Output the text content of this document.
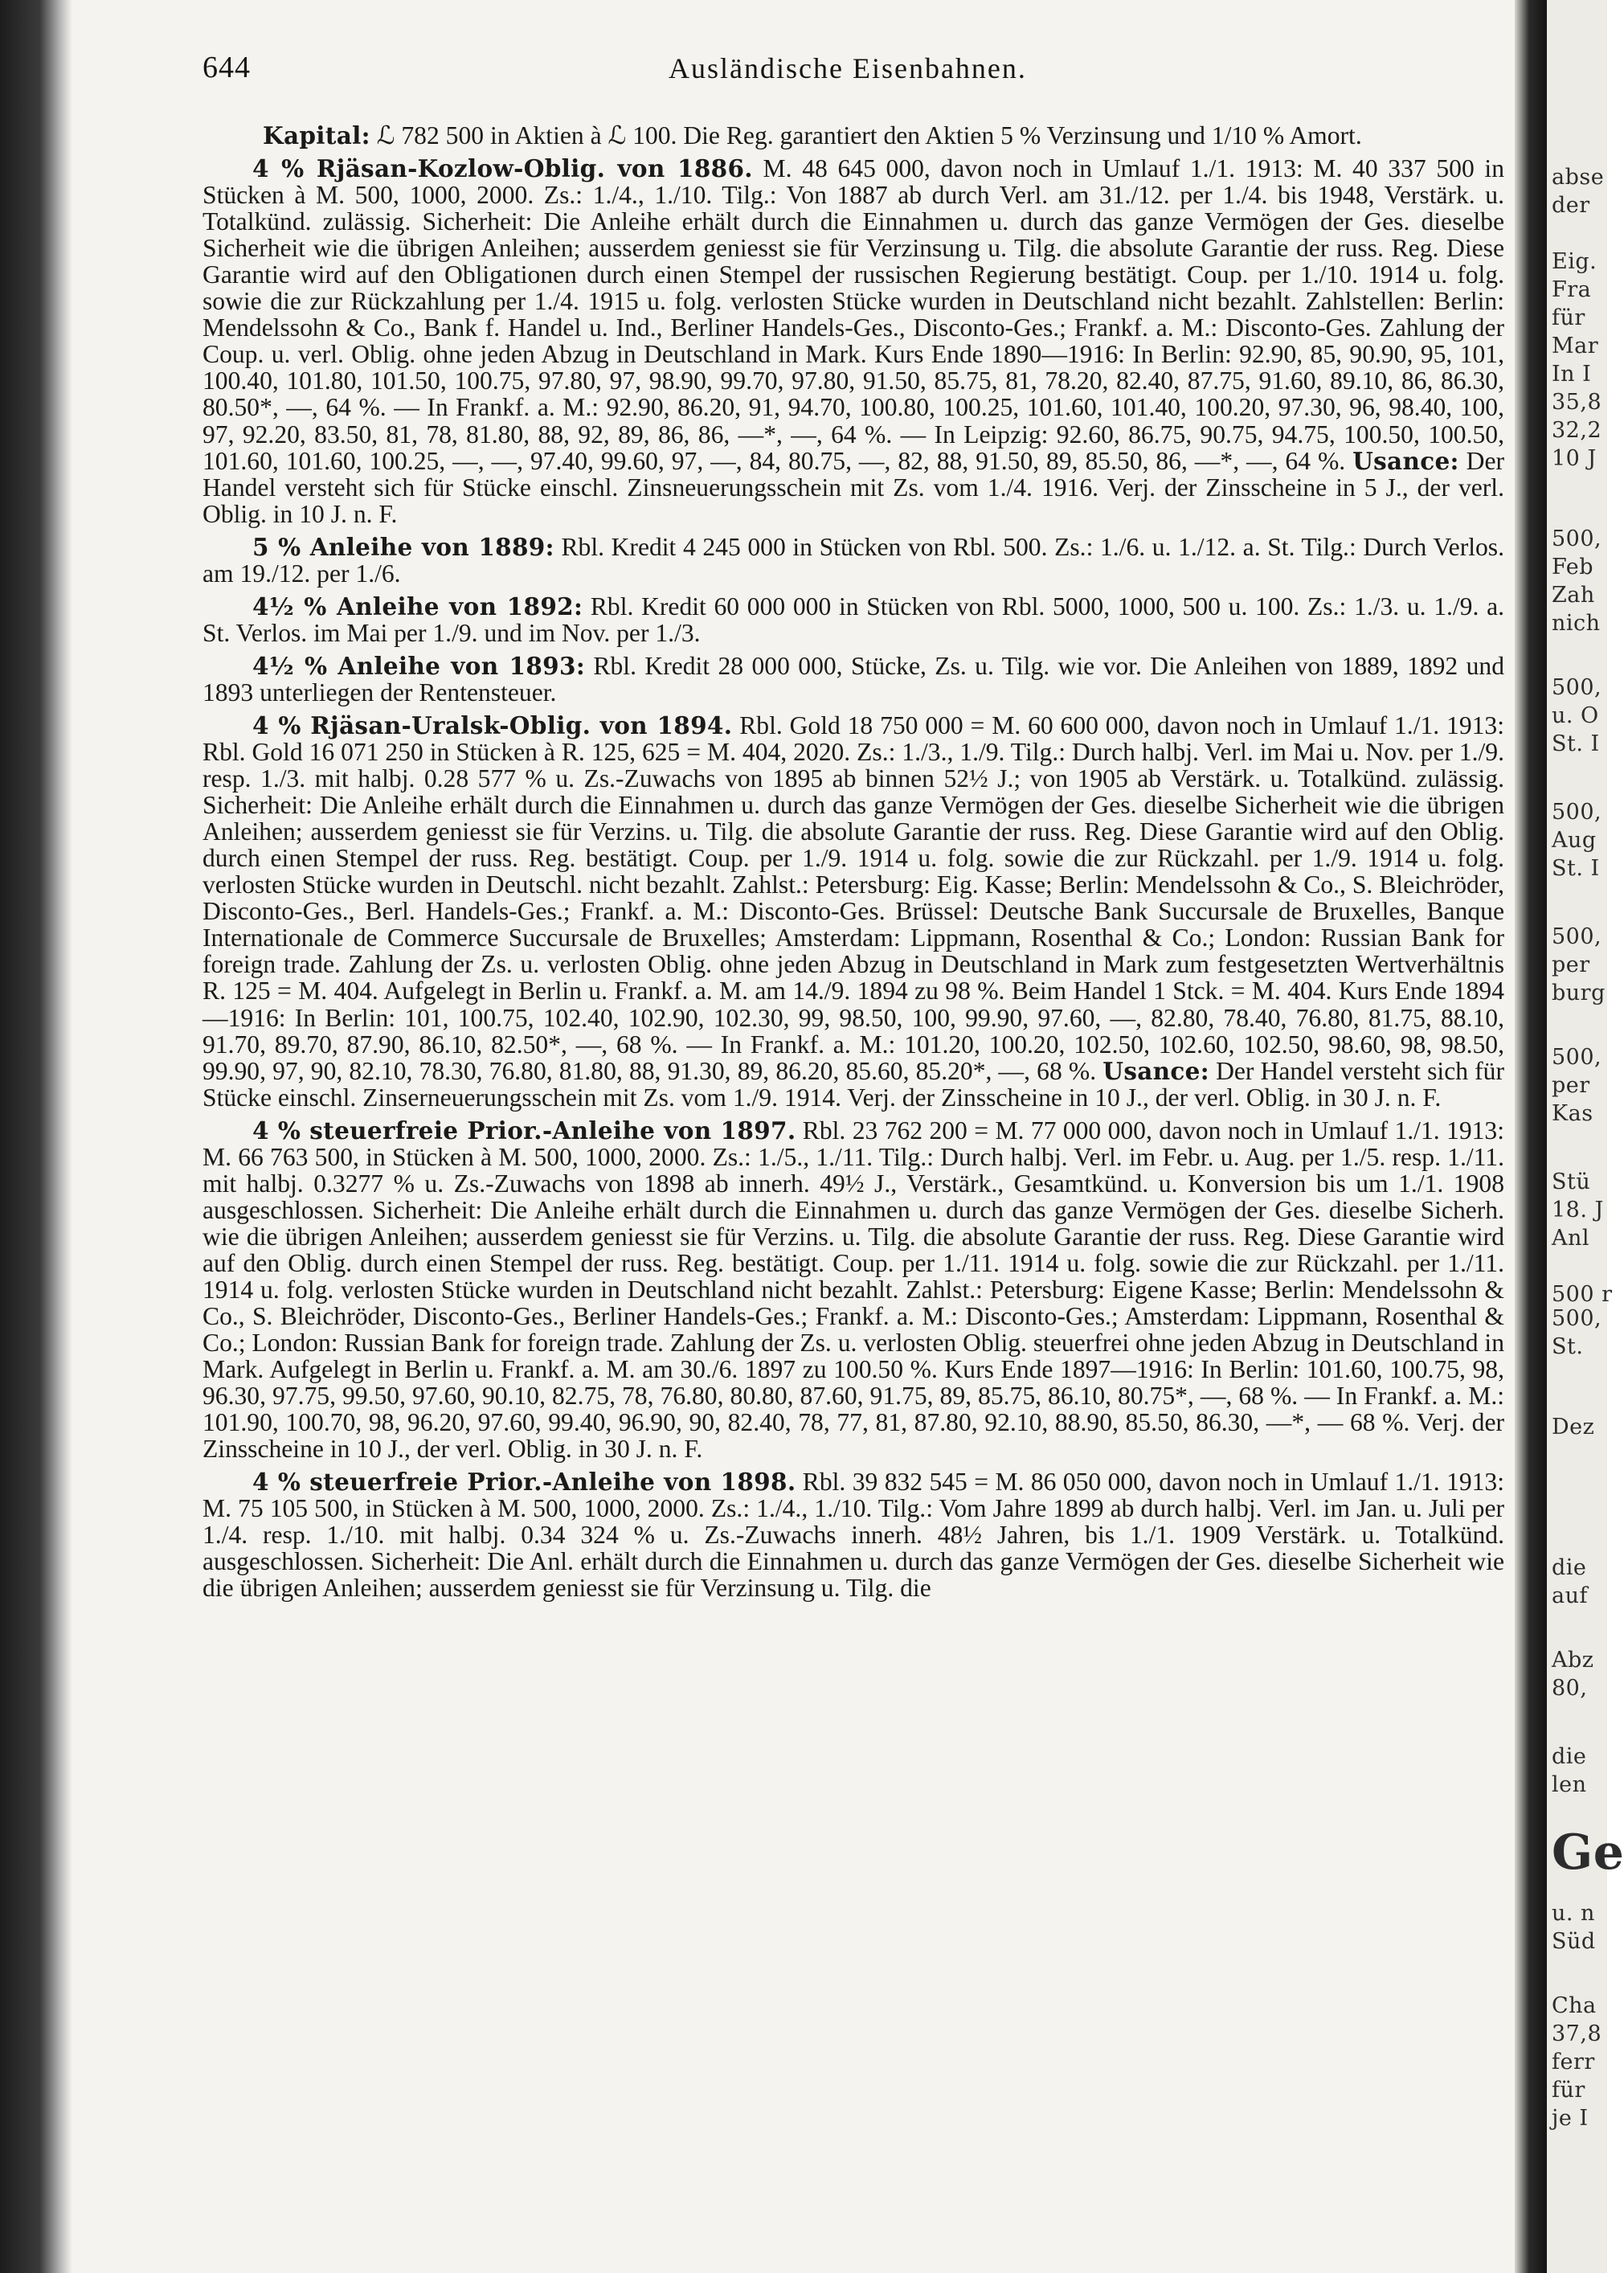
644	Ausländische Eisenbahnen.

Kapital: ℒ 782 500 in Aktien à ℒ 100. Die Reg. garantiert den Aktien 5 % Verzinsung und 1/10 % Amort.

4 % Rjäsan-Kozlow-Oblig. von 1886. M. 48 645 000, davon noch in Umlauf 1./1. 1913: M. 40 337 500 in Stücken à M. 500, 1000, 2000. Zs.: 1./4., 1./10. Tilg.: Von 1887 ab durch Verl. am 31./12. per 1./4. bis 1948, Verstärk. u. Totalkünd. zulässig. Sicherheit: Die Anleihe erhält durch die Einnahmen u. durch das ganze Vermögen der Ges. dieselbe Sicherheit wie die übrigen Anleihen; ausserdem geniesst sie für Verzinsung u. Tilg. die absolute Garantie der russ. Reg. Diese Garantie wird auf den Obligationen durch einen Stempel der russischen Regierung bestätigt. Coup. per 1./10. 1914 u. folg. sowie die zur Rückzahlung per 1./4. 1915 u. folg. verlosten Stücke wurden in Deutschland nicht bezahlt. Zahlstellen: Berlin: Mendelssohn & Co., Bank f. Handel u. Ind., Berliner Handels-Ges., Disconto-Ges.; Frankf. a. M.: Disconto-Ges. Zahlung der Coup. u. verl. Oblig. ohne jeden Abzug in Deutschland in Mark. Kurs Ende 1890—1916: In Berlin: 92.90, 85, 90.90, 95, 101, 100.40, 101.80, 101.50, 100.75, 97.80, 97, 98.90, 99.70, 97.80, 91.50, 85.75, 81, 78.20, 82.40, 87.75, 91.60, 89.10, 86, 86.30, 80.50*, —, 64 %. — In Frankf. a. M.: 92.90, 86.20, 91, 94.70, 100.80, 100.25, 101.60, 101.40, 100.20, 97.30, 96, 98.40, 100, 97, 92.20, 83.50, 81, 78, 81.80, 88, 92, 89, 86, 86, —*, —, 64 %. — In Leipzig: 92.60, 86.75, 90.75, 94.75, 100.50, 100.50, 101.60, 101.60, 100.25, —, —, 97.40, 99.60, 97, —, 84, 80.75, —, 82, 88, 91.50, 89, 85.50, 86, —*, —, 64 %. Usance: Der Handel versteht sich für Stücke einschl. Zinsneuerungsschein mit Zs. vom 1./4. 1916. Verj. der Zinsscheine in 5 J., der verl. Oblig. in 10 J. n. F.

5 % Anleihe von 1889: Rbl. Kredit 4 245 000 in Stücken von Rbl. 500. Zs.: 1./6. u. 1./12. a. St. Tilg.: Durch Verlos. am 19./12. per 1./6.

4½ % Anleihe von 1892: Rbl. Kredit 60 000 000 in Stücken von Rbl. 5000, 1000, 500 u. 100. Zs.: 1./3. u. 1./9. a. St. Verlos. im Mai per 1./9. und im Nov. per 1./3.

4½ % Anleihe von 1893: Rbl. Kredit 28 000 000, Stücke, Zs. u. Tilg. wie vor. Die Anleihen von 1889, 1892 und 1893 unterliegen der Rentensteuer.

4 % Rjäsan-Uralsk-Oblig. von 1894. Rbl. Gold 18 750 000 = M. 60 600 000, davon noch in Umlauf 1./1. 1913: Rbl. Gold 16 071 250 in Stücken à R. 125, 625 = M. 404, 2020. Zs.: 1./3., 1./9. Tilg.: Durch halbj. Verl. im Mai u. Nov. per 1./9. resp. 1./3. mit halbj. 0.28 577 % u. Zs.-Zuwachs von 1895 ab binnen 52½ J.; von 1905 ab Verstärk. u. Totalkünd. zulässig. Sicherheit: Die Anleihe erhält durch die Einnahmen u. durch das ganze Vermögen der Ges. dieselbe Sicherheit wie die übrigen Anleihen; ausserdem geniesst sie für Verzins. u. Tilg. die absolute Garantie der russ. Reg. Diese Garantie wird auf den Oblig. durch einen Stempel der russ. Reg. bestätigt. Coup. per 1./9. 1914 u. folg. sowie die zur Rückzahl. per 1./9. 1914 u. folg. verlosten Stücke wurden in Deutschl. nicht bezahlt. Zahlst.: Petersburg: Eig. Kasse; Berlin: Mendelssohn & Co., S. Bleichröder, Disconto-Ges., Berl. Handels-Ges.; Frankf. a. M.: Disconto-Ges. Brüssel: Deutsche Bank Succursale de Bruxelles, Banque Internationale de Commerce Succursale de Bruxelles; Amsterdam: Lippmann, Rosenthal & Co.; London: Russian Bank for foreign trade. Zahlung der Zs. u. verlosten Oblig. ohne jeden Abzug in Deutschland in Mark zum festgesetzten Wertverhältnis R. 125 = M. 404. Aufgelegt in Berlin u. Frankf. a. M. am 14./9. 1894 zu 98 %. Beim Handel 1 Stck. = M. 404. Kurs Ende 1894—1916: In Berlin: 101, 100.75, 102.40, 102.90, 102.30, 99, 98.50, 100, 99.90, 97.60, —, 82.80, 78.40, 76.80, 81.75, 88.10, 91.70, 89.70, 87.90, 86.10, 82.50*, —, 68 %. — In Frankf. a. M.: 101.20, 100.20, 102.50, 102.60, 102.50, 98.60, 98, 98.50, 99.90, 97, 90, 82.10, 78.30, 76.80, 81.80, 88, 91.30, 89, 86.20, 85.60, 85.20*, —, 68 %. Usance: Der Handel versteht sich für Stücke einschl. Zinserneuerungsschein mit Zs. vom 1./9. 1914. Verj. der Zinsscheine in 10 J., der verl. Oblig. in 30 J. n. F.

4 % steuerfreie Prior.-Anleihe von 1897. Rbl. 23 762 200 = M. 77 000 000, davon noch in Umlauf 1./1. 1913: M. 66 763 500, in Stücken à M. 500, 1000, 2000. Zs.: 1./5., 1./11. Tilg.: Durch halbj. Verl. im Febr. u. Aug. per 1./5. resp. 1./11. mit halbj. 0.3277 % u. Zs.-Zuwachs von 1898 ab innerh. 49½ J., Verstärk., Gesamtkünd. u. Konversion bis um 1./1. 1908 ausgeschlossen. Sicherheit: Die Anleihe erhält durch die Einnahmen u. durch das ganze Vermögen der Ges. dieselbe Sicherh. wie die übrigen Anleihen; ausserdem geniesst sie für Verzins. u. Tilg. die absolute Garantie der russ. Reg. Diese Garantie wird auf den Oblig. durch einen Stempel der russ. Reg. bestätigt. Coup. per 1./11. 1914 u. folg. sowie die zur Rückzahl. per 1./11. 1914 u. folg. verlosten Stücke wurden in Deutschland nicht bezahlt. Zahlst.: Petersburg: Eigene Kasse; Berlin: Mendelssohn & Co., S. Bleichröder, Disconto-Ges., Berliner Handels-Ges.; Frankf. a. M.: Disconto-Ges.; Amsterdam: Lippmann, Rosenthal & Co.; London: Russian Bank for foreign trade. Zahlung der Zs. u. verlosten Oblig. steuerfrei ohne jeden Abzug in Deutschland in Mark. Aufgelegt in Berlin u. Frankf. a. M. am 30./6. 1897 zu 100.50 %. Kurs Ende 1897—1916: In Berlin: 101.60, 100.75, 98, 96.30, 97.75, 99.50, 97.60, 90.10, 82.75, 78, 76.80, 80.80, 87.60, 91.75, 89, 85.75, 86.10, 80.75*, —, 68 %. — In Frankf. a. M.: 101.90, 100.70, 98, 96.20, 97.60, 99.40, 96.90, 90, 82.40, 78, 77, 81, 87.80, 92.10, 88.90, 85.50, 86.30, —*, — 68 %. Verj. der Zinsscheine in 10 J., der verl. Oblig. in 30 J. n. F.

4 % steuerfreie Prior.-Anleihe von 1898. Rbl. 39 832 545 = M. 86 050 000, davon noch in Umlauf 1./1. 1913: M. 75 105 500, in Stücken à M. 500, 1000, 2000. Zs.: 1./4., 1./10. Tilg.: Vom Jahre 1899 ab durch halbj. Verl. im Jan. u. Juli per 1./4. resp. 1./10. mit halbj. 0.34 324 % u. Zs.-Zuwachs innerh. 48½ Jahren, bis 1./1. 1909 Verstärk. u. Totalkünd. ausgeschlossen. Sicherheit: Die Anl. erhält durch die Einnahmen u. durch das ganze Vermögen der Ges. dieselbe Sicherheit wie die übrigen Anleihen; ausserdem geniesst sie für Verzinsung u. Tilg. die

abse
der
Eig.
Fra
für
Mar
In I
35,8
32,2
10 J
500,
Feb
Zah
nich
500,
u. O
St. I
500,
Aug
St. I
500,
per
burg
500,
per
Kas
Stü
18. J
Anl
500 r
500,
St.
Dez
die
auf
Abz
80,
die
len
Ge
u. n
Süd
Cha
37,8
ferr
für
je I
